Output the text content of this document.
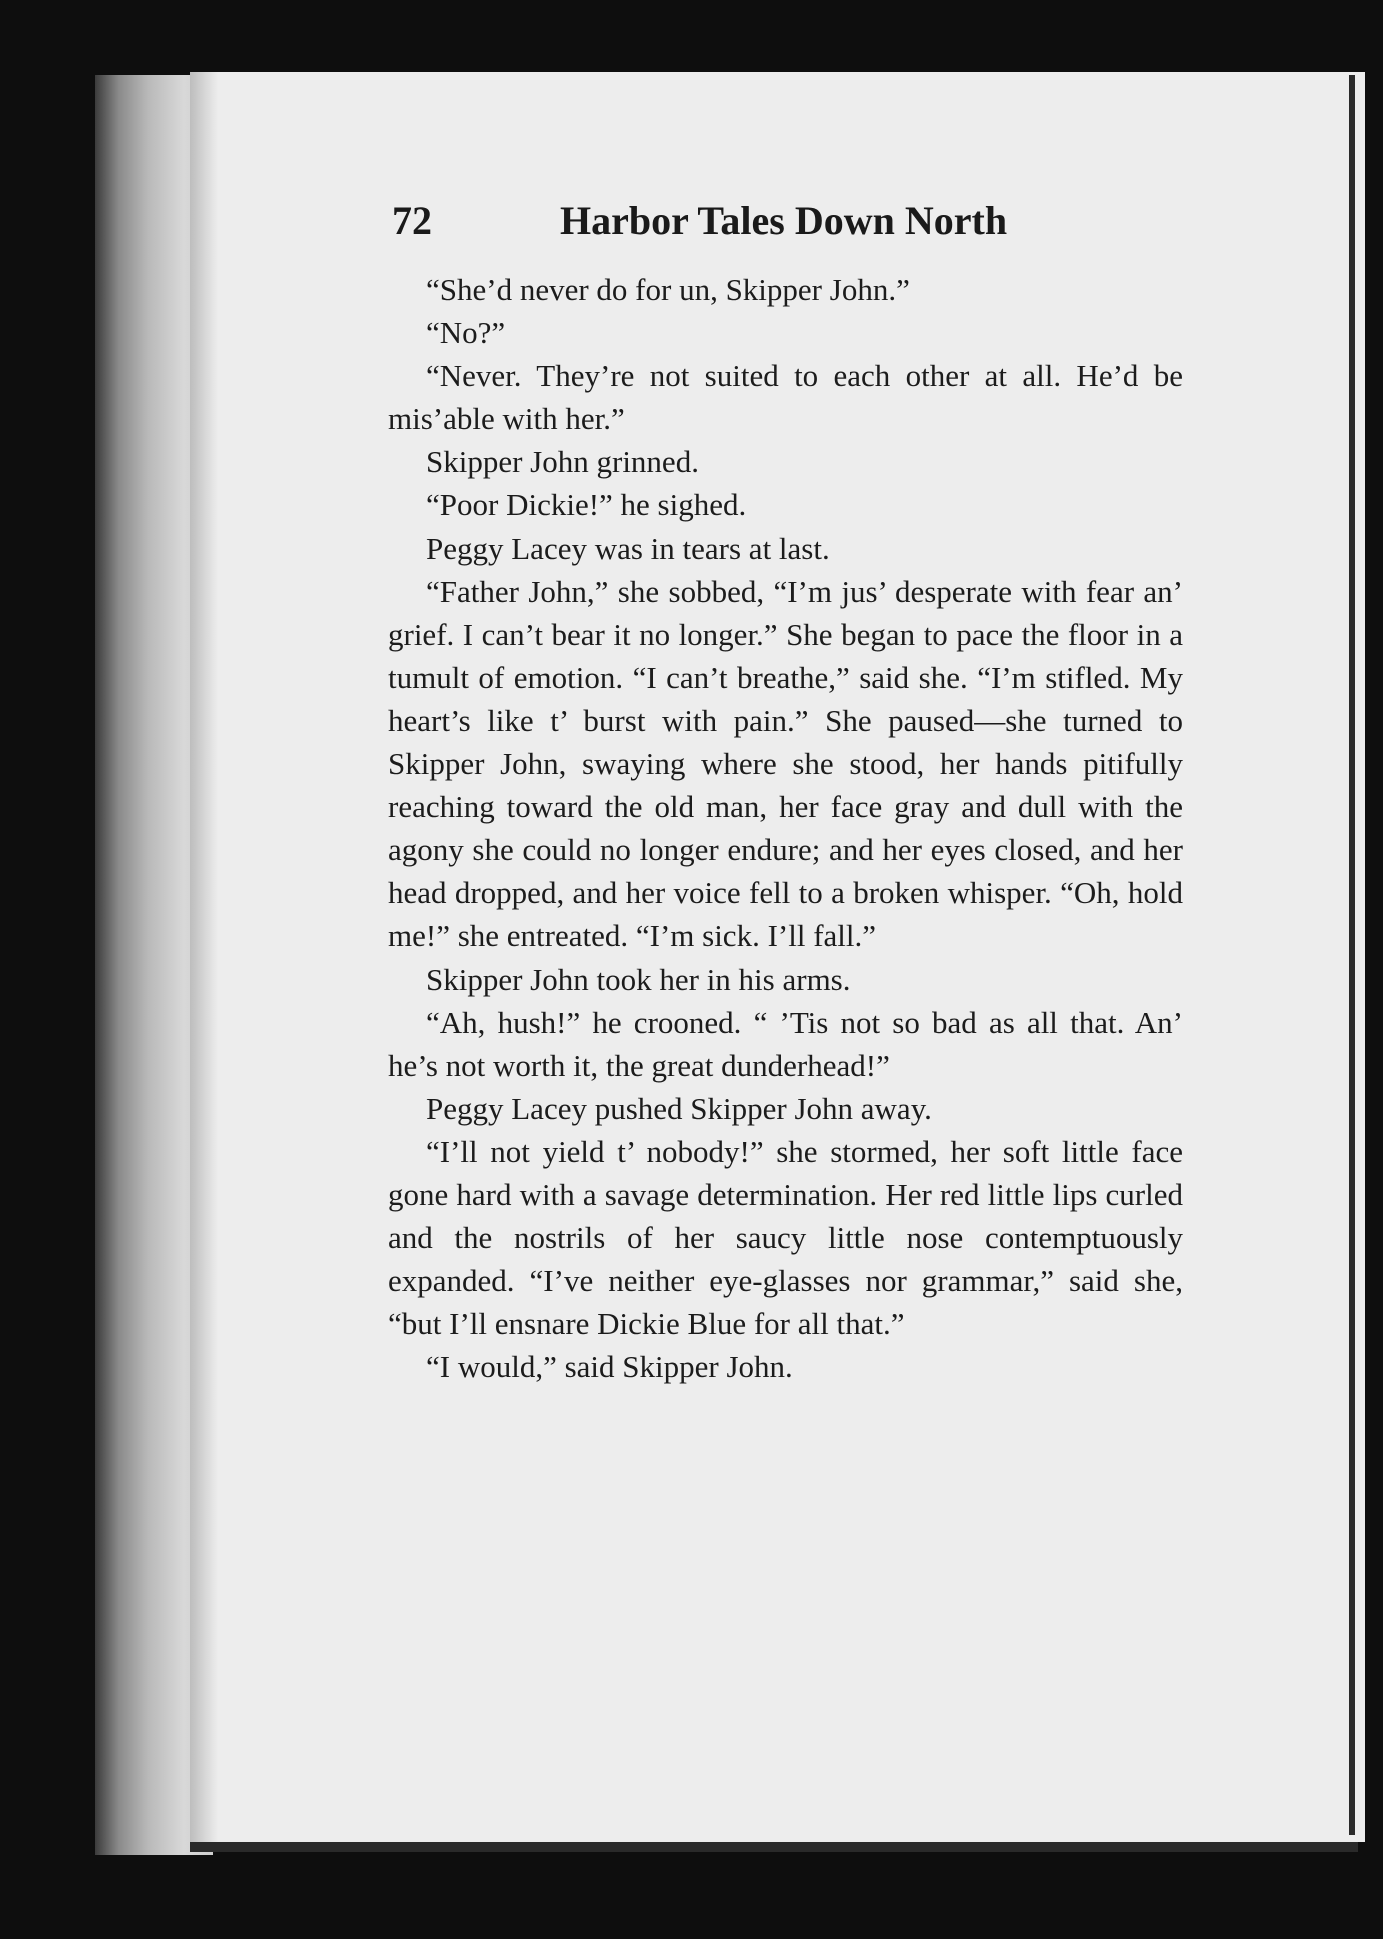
72	Harbor Tales Down North

“She’d never do for un, Skipper John.”

“No?”

“Never. They’re not suited to each other at all. He’d be mis’able with her.”

Skipper John grinned.

“Poor Dickie!” he sighed.

Peggy Lacey was in tears at last.

“Father John,” she sobbed, “I’m jus’ desperate with fear an’ grief. I can’t bear it no longer.” She began to pace the floor in a tumult of emotion. “I can’t breathe,” said she. “I’m stifled. My heart’s like t’ burst with pain.” She paused—she turned to Skipper John, swaying where she stood, her hands pitifully reaching toward the old man, her face gray and dull with the agony she could no longer endure; and her eyes closed, and her head dropped, and her voice fell to a broken whisper. “Oh, hold me!” she entreated. “I’m sick. I’ll fall.”

Skipper John took her in his arms.

“Ah, hush!” he crooned. “ ’Tis not so bad as all that. An’ he’s not worth it, the great dunderhead!”

Peggy Lacey pushed Skipper John away.

“I’ll not yield t’ nobody!” she stormed, her soft little face gone hard with a savage determination. Her red little lips curled and the nostrils of her saucy little nose contemptuously expanded. “I’ve neither eye-glasses nor grammar,” said she, “but I’ll ensnare Dickie Blue for all that.”

“I would,” said Skipper John.
